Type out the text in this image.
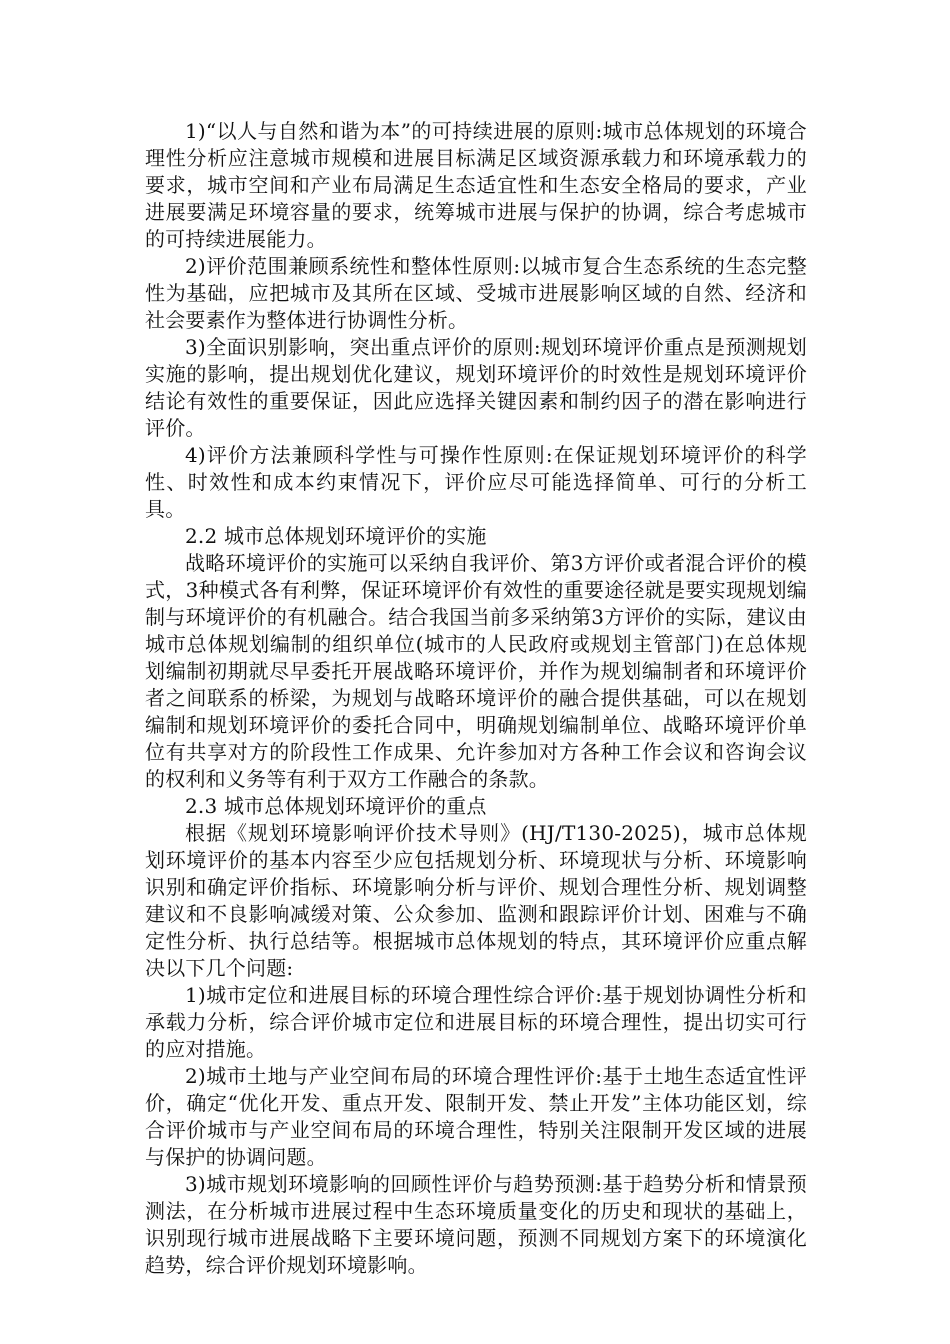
1)“以人与自然和谐为本”的可持续进展的原则:城市总体规划的环境合理性分析应注意城市规模和进展目标满足区域资源承载力和环境承载力的要求，城市空间和产业布局满足生态适宜性和生态安全格局的要求，产业进展要满足环境容量的要求，统筹城市进展与保护的协调，综合考虑城市的可持续进展能力。

2)评价范围兼顾系统性和整体性原则:以城市复合生态系统的生态完整性为基础，应把城市及其所在区域、受城市进展影响区域的自然、经济和社会要素作为整体进行协调性分析。

3)全面识别影响，突出重点评价的原则:规划环境评价重点是预测规划实施的影响，提出规划优化建议，规划环境评价的时效性是规划环境评价结论有效性的重要保证，因此应选择关键因素和制约因子的潜在影响进行评价。

4)评价方法兼顾科学性与可操作性原则:在保证规划环境评价的科学性、时效性和成本约束情况下，评价应尽可能选择简单、可行的分析工具。

2.2 城市总体规划环境评价的实施

战略环境评价的实施可以采纳自我评价、第3方评价或者混合评价的模式，3种模式各有利弊，保证环境评价有效性的重要途径就是要实现规划编制与环境评价的有机融合。结合我国当前多采纳第3方评价的实际，建议由城市总体规划编制的组织单位(城市的人民政府或规划主管部门)在总体规划编制初期就尽早委托开展战略环境评价，并作为规划编制者和环境评价者之间联系的桥梁，为规划与战略环境评价的融合提供基础，可以在规划编制和规划环境评价的委托合同中，明确规划编制单位、战略环境评价单位有共享对方的阶段性工作成果、允许参加对方各种工作会议和咨询会议的权利和义务等有利于双方工作融合的条款。

2.3 城市总体规划环境评价的重点

根据《规划环境影响评价技术导则》(HJ/T130-2025)，城市总体规划环境评价的基本内容至少应包括规划分析、环境现状与分析、环境影响识别和确定评价指标、环境影响分析与评价、规划合理性分析、规划调整建议和不良影响减缓对策、公众参加、监测和跟踪评价计划、困难与不确定性分析、执行总结等。根据城市总体规划的特点，其环境评价应重点解决以下几个问题:

1)城市定位和进展目标的环境合理性综合评价:基于规划协调性分析和承载力分析，综合评价城市定位和进展目标的环境合理性，提出切实可行的应对措施。

2)城市土地与产业空间布局的环境合理性评价:基于土地生态适宜性评价，确定“优化开发、重点开发、限制开发、禁止开发”主体功能区划，综合评价城市与产业空间布局的环境合理性，特别关注限制开发区域的进展与保护的协调问题。

3)城市规划环境影响的回顾性评价与趋势预测:基于趋势分析和情景预测法，在分析城市进展过程中生态环境质量变化的历史和现状的基础上，识别现行城市进展战略下主要环境问题，预测不同规划方案下的环境演化趋势，综合评价规划环境影响。
